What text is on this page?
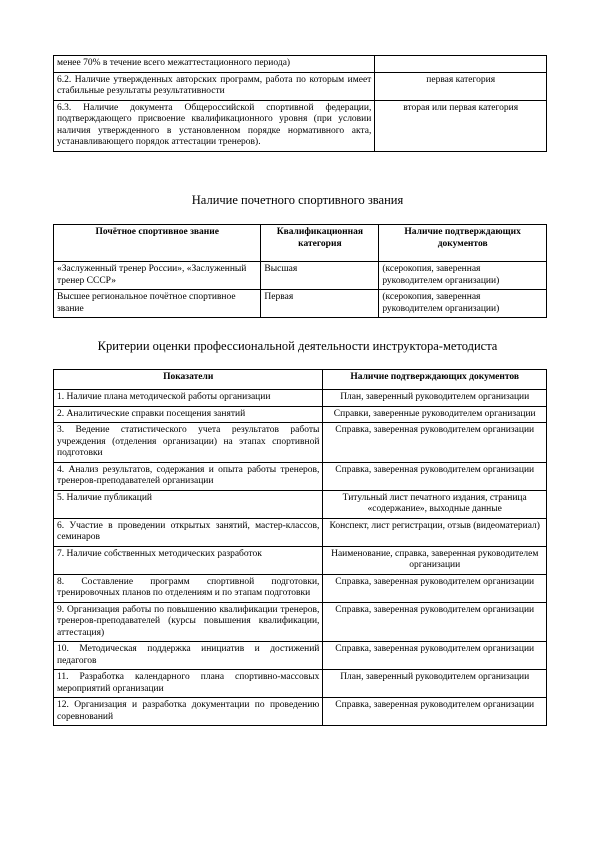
менее 70% в течение всего межаттестационного периода)	
6.2. Наличие утвержденных авторских программ, работа по которым имеет стабильные результаты результативности	первая категория
6.3. Наличие документа Общероссийской спортивной федерации, подтверждающего присвоение квалификационного уровня (при условии наличия утвержденного в установленном порядке нормативного акта, устанавливающего порядок аттестации тренеров).	вторая или первая категория
Наличие почетного спортивного звания
Почётное спортивное звание	Квалификационная категория	Наличие подтверждающих документов
«Заслуженный тренер России», «Заслуженный тренер СССР»	Высшая	(ксерокопия, заверенная руководителем организации)
Высшее региональное почётное спортивное звание	Первая	(ксерокопия, заверенная руководителем организации)
Критерии оценки профессиональной деятельности инструктора-методиста
Показатели	Наличие подтверждающих документов
1. Наличие плана методической работы организации	План, заверенный руководителем организации
2. Аналитические справки посещения занятий	Справки, заверенные руководителем организации
3. Ведение статистического учета результатов работы учреждения (отделения организации) на этапах спортивной подготовки	Справка, заверенная руководителем организации
4. Анализ результатов, содержания и опыта работы тренеров, тренеров-преподавателей организации	Справка, заверенная руководителем организации
5. Наличие публикаций	Титульный лист печатного издания, страница «содержание», выходные данные
6. Участие в проведении открытых занятий, мастер-классов, семинаров	Конспект, лист регистрации, отзыв (видеоматериал)
7. Наличие собственных методических разработок	Наименование, справка, заверенная руководителем организации
8. Составление программ спортивной подготовки, тренировочных планов по отделениям и по этапам подготовки	Справка, заверенная руководителем организации
9. Организация работы по повышению квалификации тренеров, тренеров-преподавателей (курсы повышения квалификации, аттестация)	Справка, заверенная руководителем организации
10. Методическая поддержка инициатив и достижений педагогов	Справка, заверенная руководителем организации
11. Разработка календарного плана спортивно-массовых мероприятий организации	План, заверенный руководителем организации
12. Организация и разработка документации по проведению соревнований	Справка, заверенная руководителем организации
